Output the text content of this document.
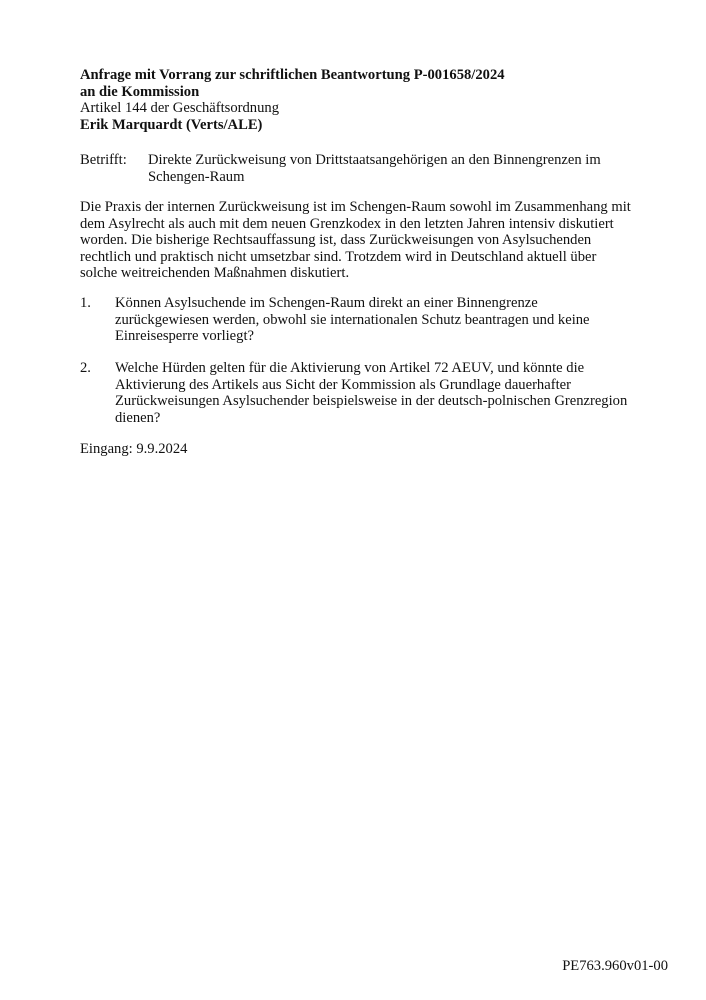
Anfrage mit Vorrang zur schriftlichen Beantwortung P-001658/2024
an die Kommission
Artikel 144 der Geschäftsordnung
Erik Marquardt (Verts/ALE)
Betrifft:	Direkte Zurückweisung von Drittstaatsangehörigen an den Binnengrenzen im
Schengen-Raum
Die Praxis der internen Zurückweisung ist im Schengen-Raum sowohl im Zusammenhang mit
dem Asylrecht als auch mit dem neuen Grenzkodex in den letzten Jahren intensiv diskutiert
worden. Die bisherige Rechtsauffassung ist, dass Zurückweisungen von Asylsuchenden
rechtlich und praktisch nicht umsetzbar sind. Trotzdem wird in Deutschland aktuell über
solche weitreichenden Maßnahmen diskutiert.
1.	Können Asylsuchende im Schengen-Raum direkt an einer Binnengrenze
zurückgewiesen werden, obwohl sie internationalen Schutz beantragen und keine
Einreisesperre vorliegt?
2.	Welche Hürden gelten für die Aktivierung von Artikel 72 AEUV, und könnte die
Aktivierung des Artikels aus Sicht der Kommission als Grundlage dauerhafter
Zurückweisungen Asylsuchender beispielsweise in der deutsch-polnischen Grenzregion
dienen?
Eingang: 9.9.2024
PE763.960v01-00
